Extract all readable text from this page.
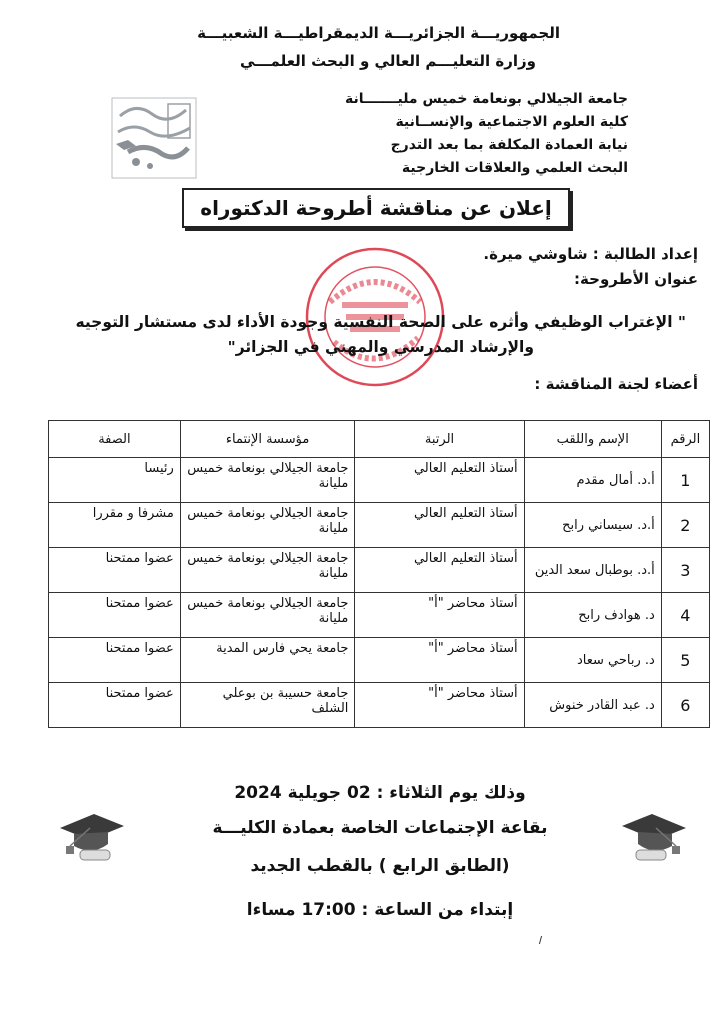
الجمهوريـــة الجزائريـــة الديمقراطيـــة الشعبيـــة
وزارة التعليـــم العالي و البحث العلمـــي
جامعة الجيلالي بونعامة خميس مليـــــــانة
كلية العلوم الاجتماعية والإنســانية
نيابة العمادة المكلفة بما بعد التدرج
البحث العلمي والعلاقات الخارجية
إعلان عن مناقشة أطروحة الدكتوراه
إعداد الطالبة : شاوشي ميرة.
عنوان الأطروحة:
" الإغتراب الوظيفي وأثره على الصحة النفسية وجودة الأداء لدى مستشار التوجيه
والإرشاد المدرسي والمهني في الجزائر"
أعضاء لجنة المناقشة :
الرقم	الإسم واللقب	الرتبة	مؤسسة الإنتماء	الصفة
1	أ.د. أمال مقدم	أستاذ التعليم العالي	جامعة الجيلالي بونعامة خميس مليانة	رئيسا
2	أ.د. سيساني رابح	أستاذ التعليم العالي	جامعة الجيلالي بونعامة خميس مليانة	مشرفا و مقررا
3	أ.د. بوطبال سعد الدين	أستاذ التعليم العالي	جامعة الجيلالي بونعامة خميس مليانة	عضوا ممتحنا
4	د. هوادف رابح	أستاذ محاضر "أ"	جامعة الجيلالي بونعامة خميس مليانة	عضوا ممتحنا
5	د. رباحي سعاد	أستاذ محاضر "أ"	جامعة يحي فارس المدية	عضوا ممتحنا
6	د. عبد القادر خنوش	أستاذ محاضر "أ"	جامعة حسيبة بن بوعلي الشلف	عضوا ممتحنا
وذلك يوم الثلاثاء : 02 جويلية 2024
بقاعة الإجتماعات الخاصة بعمادة الكليـــة
(الطابق الرابع ) بالقطب الجديد
إبتداء من الساعة : 17:00 مساءا
